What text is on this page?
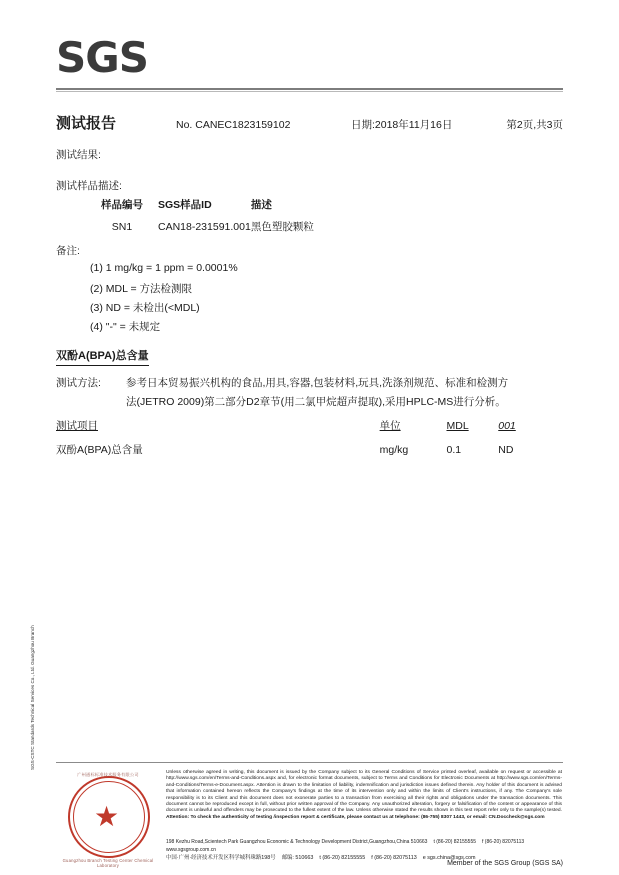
SGS
测试报告	No. CANEC1823159102	日期:2018年11月16日	第2页,共3页
测试结果:
测试样品描述:
样品编号	SGS样品ID	描述
SN1	CAN18-231591.001	黑色塑胶颗粒
备注:
(1) 1 mg/kg = 1 ppm = 0.0001%
(2) MDL = 方法检测限
(3) ND = 未检出(<MDL)
(4) "-" = 未规定
双酚A(BPA)总含量
测试方法: 参考日本贸易振兴机构的食品,用具,容器,包装材料,玩具,洗涤剂规范、标准和检测方
法(JETRO 2009)第二部分D2章节(用二氯甲烷超声提取),采用HPLC-MS进行分析。
测试项目	单位	MDL	001
双酚A(BPA)总含量	mg/kg	0.1	ND
SGS-CSTC Standards Technical Services Co., Ltd. Guangzhou Branch
★
广州通标标准技术服务有限公司
Guangzhou Branch Testing Center Chemical Laboratory
Unless otherwise agreed in writing, this document is issued by the Company subject to its General Conditions of Service printed overleaf, available on request or accessible at http://www.sgs.com/en/Terms-and-Conditions.aspx and, for electronic format documents, subject to Terms and Conditions for Electronic Documents at http://www.sgs.com/en/Terms-and-Conditions/Terms-e-Document.aspx. Attention is drawn to the limitation of liability, indemnification and jurisdiction issues defined therein. Any holder of this document is advised that information contained hereon reflects the Company's findings at the time of its intervention only and within the limits of Client's instructions, if any. The Company's sole responsibility is to its Client and this document does not exonerate parties to a transaction from exercising all their rights and obligations under the transaction documents. This document cannot be reproduced except in full, without prior written approval of the Company. Any unauthorized alteration, forgery or falsification of the content or appearance of this document is unlawful and offenders may be prosecuted to the fullest extent of the law. Unless otherwise stated the results shown in this test report refer only to the sample(s) tested. Attention: To check the authenticity of testing /inspection report & certificate, please contact us at telephone: (86-755) 8307 1443, or email: CN.Doccheck@sgs.com
198 Kezhu Road,Scientech Park Guangzhou Economic & Technology Development District,Guangzhou,China 510663 t (86-20) 82155555 f (86-20) 82075113www.sgsgroup.com.cn
中国·广州·经济技术开发区科学城科珠路198号 邮编: 510663 t (86-20) 82155555 f (86-20) 82075113 e sgs.china@sgs.com
Member of the SGS Group (SGS SA)
